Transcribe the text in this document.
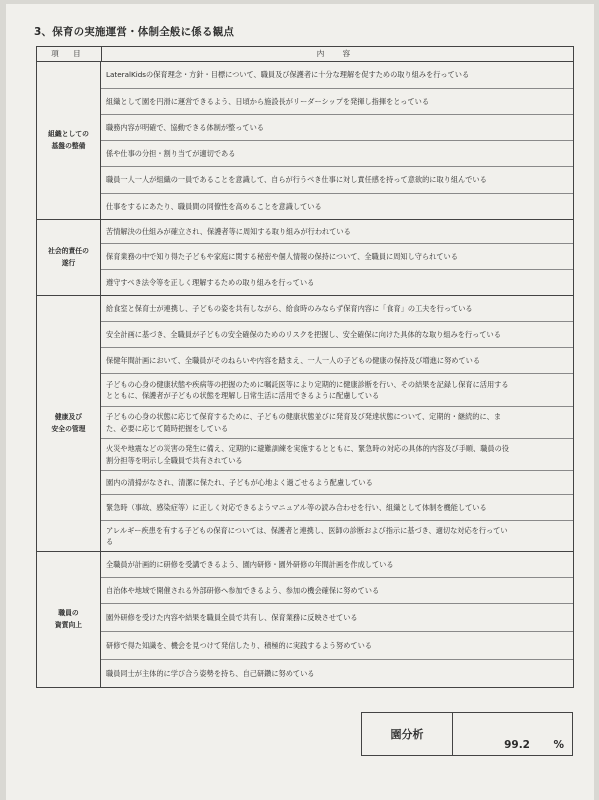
3、保育の実施運営・体制全般に係る観点
項 目	内 容
組織としての
基盤の整備
LateralKidsの保育理念・方針・目標について、職員及び保護者に十分な理解を促すための取り組みを行っている
組織として園を円滑に運営できるよう、日頃から施設長がリーダーシップを発揮し指揮をとっている
職務内容が明確で、協動できる体制が整っている
係や仕事の分担・割り当てが適切である
職員一人一人が組織の一員であることを意識して、自らが行うべき仕事に対し責任感を持って意欲的に取り組んでいる
仕事をするにあたり、職員間の同僚性を高めることを意識している
社会的責任の
遂行
苦情解決の仕組みが確立され、保護者等に周知する取り組みが行われている
保育業務の中で知り得た子どもや家庭に関する秘密や個人情報の保持について、全職員に周知し守られている
遵守すべき法令等を正しく理解するための取り組みを行っている
健康及び
安全の管理
給食室と保育士が連携し、子どもの姿を共有しながら、給食時のみならず保育内容に「食育」の工夫を行っている
安全計画に基づき、全職員が子どもの安全確保のためのリスクを把握し、安全確保に向けた具体的な取り組みを行っている
保健年間計画において、全職員がそのねらいや内容を踏まえ、一人一人の子どもの健康の保持及び増進に努めている
子どもの心身の健康状態や疾病等の把握のために嘱託医等により定期的に健康診断を行い、その結果を記録し保育に活用する
とともに、保護者が子どもの状態を理解し日常生活に活用できるように配慮している
子どもの心身の状態に応じて保育するために、子どもの健康状態並びに発育及び発達状態について、定期的・継続的に、ま
た、必要に応じて随時把握をしている
火災や地震などの災害の発生に備え、定期的に避難訓練を実施するとともに、緊急時の対応の具体的内容及び手順、職員の役
割分担等を明示し全職員で共有されている
園内の清掃がなされ、清潔に保たれ、子どもが心地よく過ごせるよう配慮している
緊急時（事故、感染症等）に正しく対応できるようマニュアル等の読み合わせを行い、組織として体制を機能している
アレルギー疾患を有する子どもの保育については、保護者と連携し、医師の診断および指示に基づき、適切な対応を行ってい
る
職員の
資質向上
全職員が計画的に研修を受講できるよう、園内研修・園外研修の年間計画を作成している
自治体や地域で開催される外部研修へ参加できるよう、参加の機会確保に努めている
園外研修を受けた内容や結果を職員全員で共有し、保育業務に反映させている
研修で得た知識を、機会を見つけて発信したり、積極的に実践するよう努めている
職員同士が主体的に学び合う姿勢を持ち、自己研鑽に努めている
園分析
99.2 %
